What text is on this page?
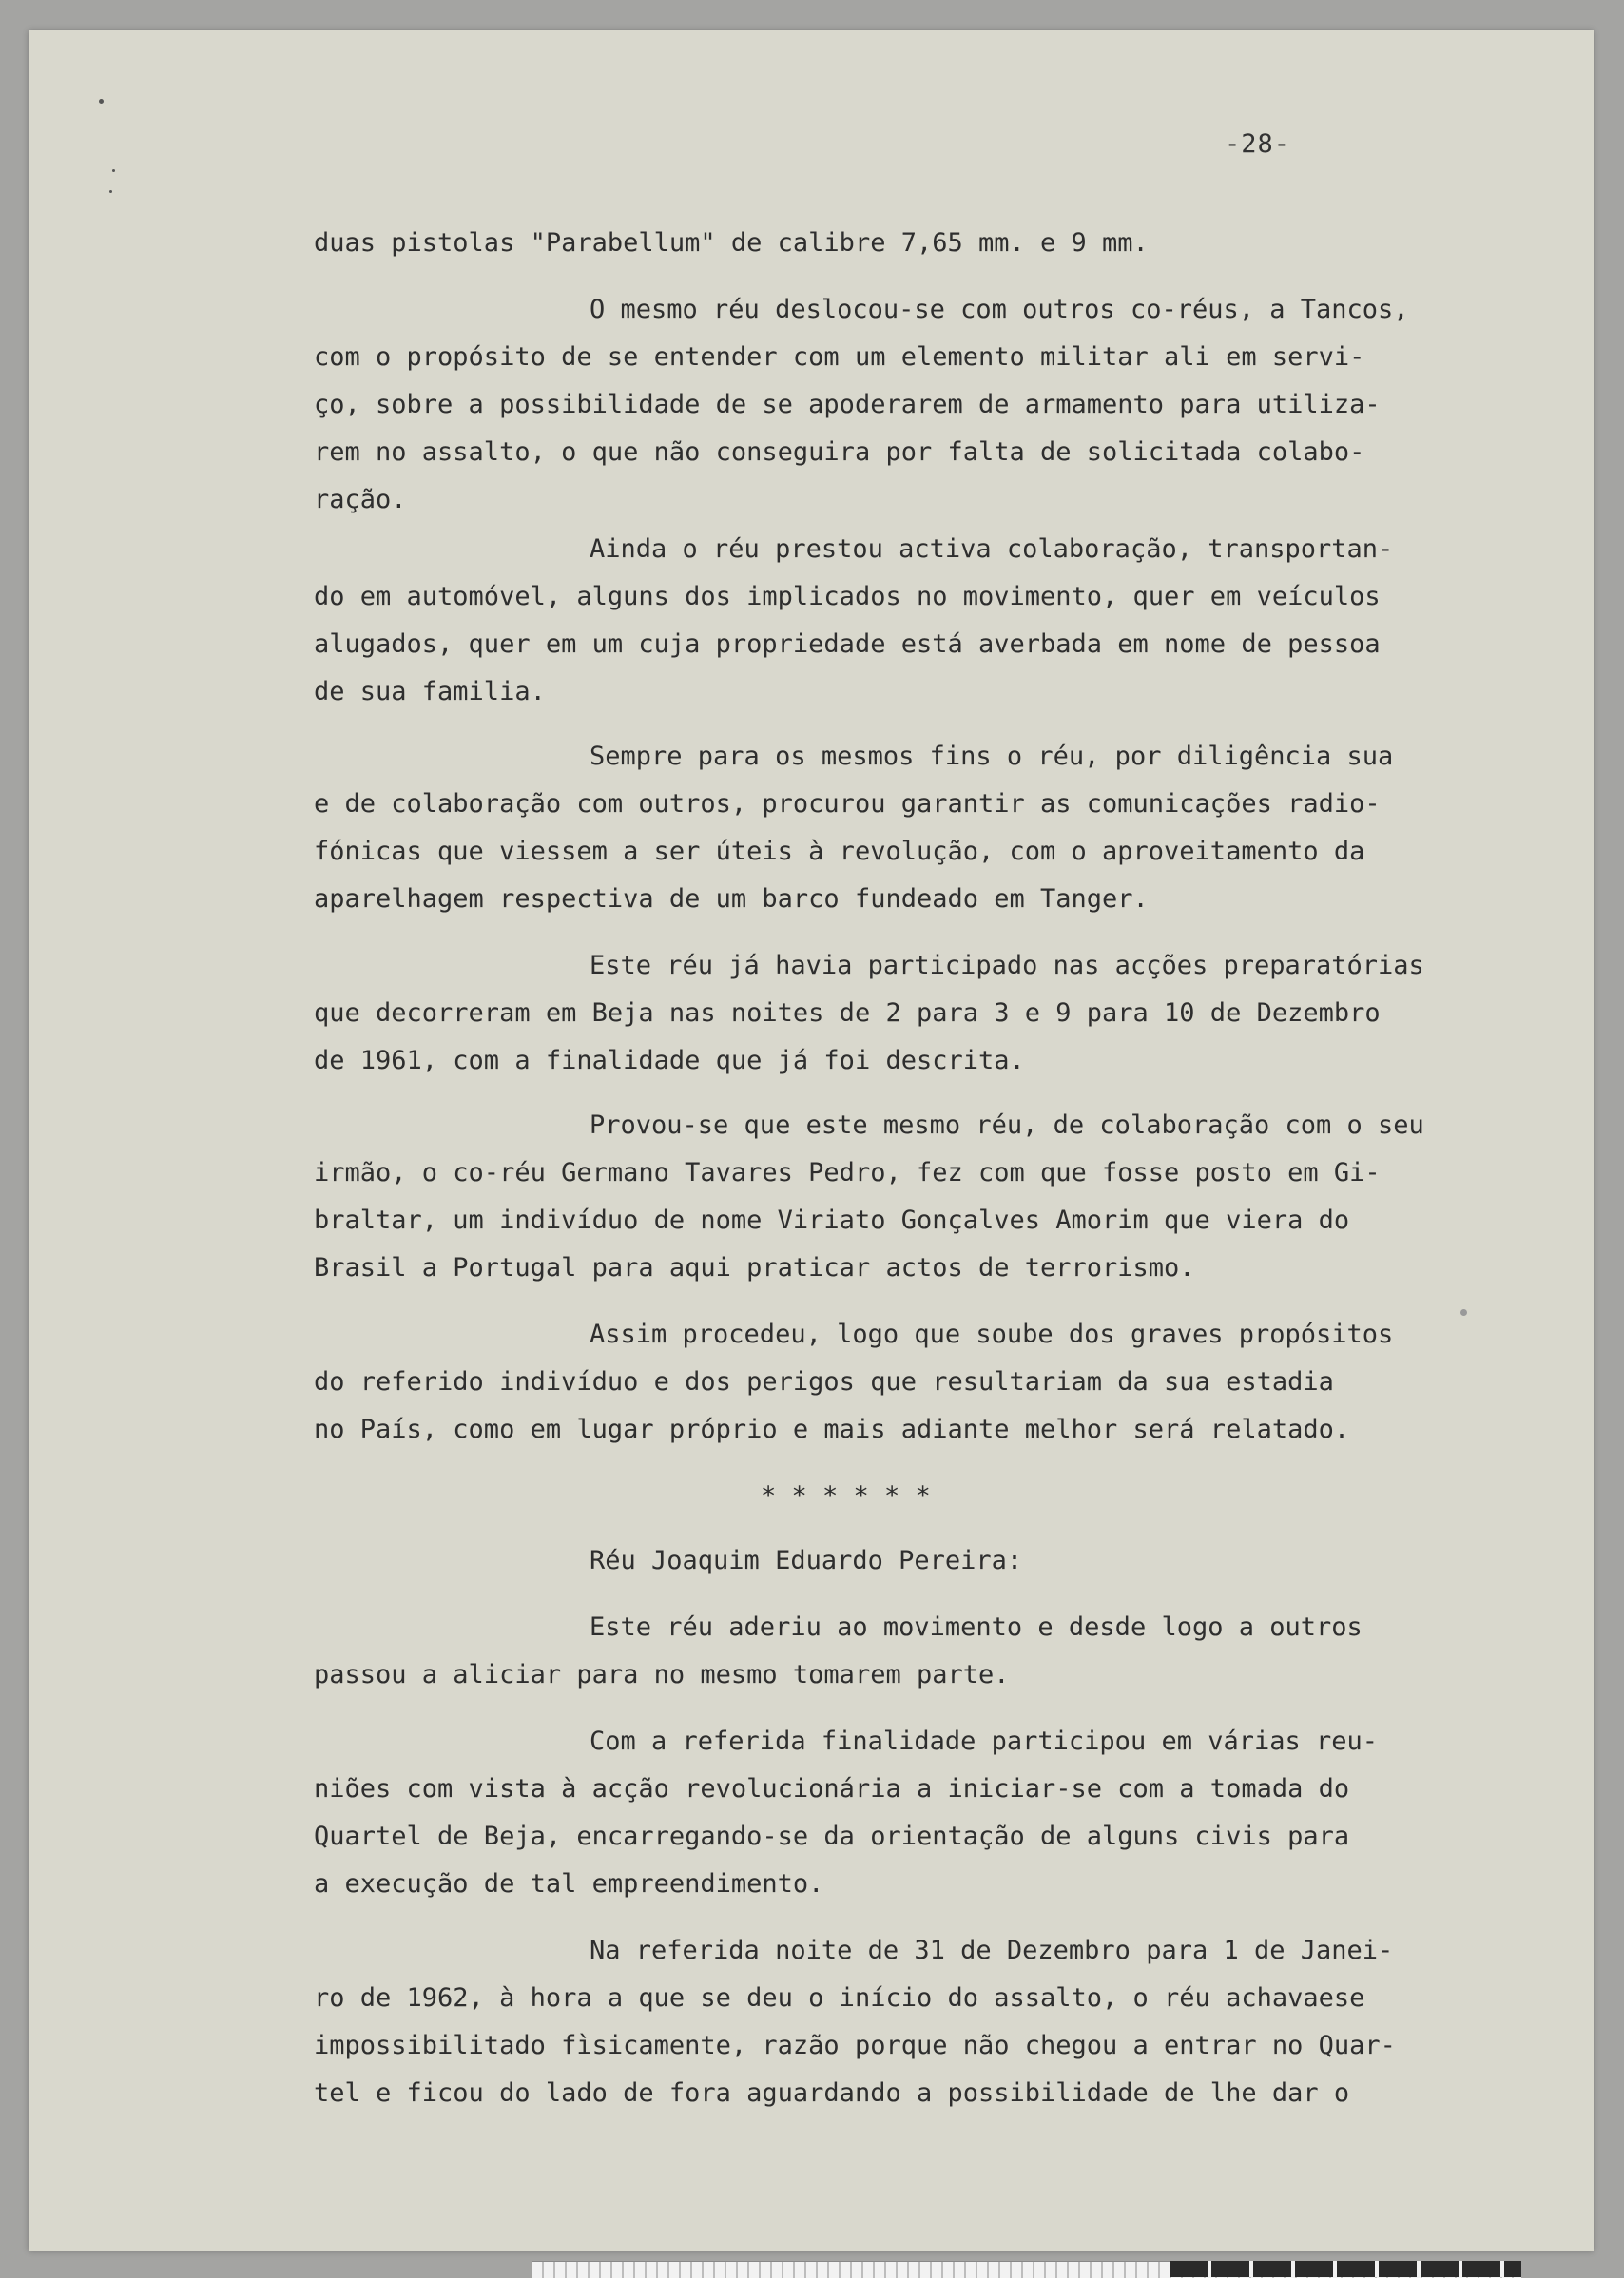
-28-
duas pistolas "Parabellum" de calibre 7,65 mm. e 9 mm.
O mesmo réu deslocou-se com outros co-réus, a Tancos,
com o propósito de se entender com um elemento militar ali em servi-
ço, sobre a possibilidade de se apoderarem de armamento para utiliza-
rem no assalto, o que não conseguira por falta de solicitada colabo-
ração.
Ainda o réu prestou activa colaboração, transportan-
do em automóvel, alguns dos implicados no movimento, quer em veículos
alugados, quer em um cuja propriedade está averbada em nome de pessoa
de sua familia.
Sempre para os mesmos fins o réu, por diligência sua
e de colaboração com outros, procurou garantir as comunicações radio-
fónicas que viessem a ser úteis à revolução, com o aproveitamento da
aparelhagem respectiva de um barco fundeado em Tanger.
Este réu já havia participado nas acções preparatórias
que decorreram em Beja nas noites de 2 para 3 e 9 para 10 de Dezembro
de 1961, com a finalidade que já foi descrita.
Provou-se que este mesmo réu, de colaboração com o seu
irmão, o co-réu Germano Tavares Pedro, fez com que fosse posto em Gi-
braltar, um indivíduo de nome Viriato Gonçalves Amorim que viera do
Brasil a Portugal para aqui praticar actos de terrorismo.
Assim procedeu, logo que soube dos graves propósitos
do referido indivíduo e dos perigos que resultariam da sua estadia
no País, como em lugar próprio e mais adiante melhor será relatado.
* * * * * *
Réu Joaquim Eduardo Pereira:
Este réu aderiu ao movimento e desde logo a outros
passou a aliciar para no mesmo tomarem parte.
Com a referida finalidade participou em várias reu-
niões com vista à acção revolucionária a iniciar-se com a tomada do
Quartel de Beja, encarregando-se da orientação de alguns civis para
a execução de tal empreendimento.
Na referida noite de 31 de Dezembro para 1 de Janei-
ro de 1962, à hora a que se deu o início do assalto, o réu achavaese
impossibilitado fìsicamente, razão porque não chegou a entrar no Quar-
tel e ficou do lado de fora aguardando a possibilidade de lhe dar o
